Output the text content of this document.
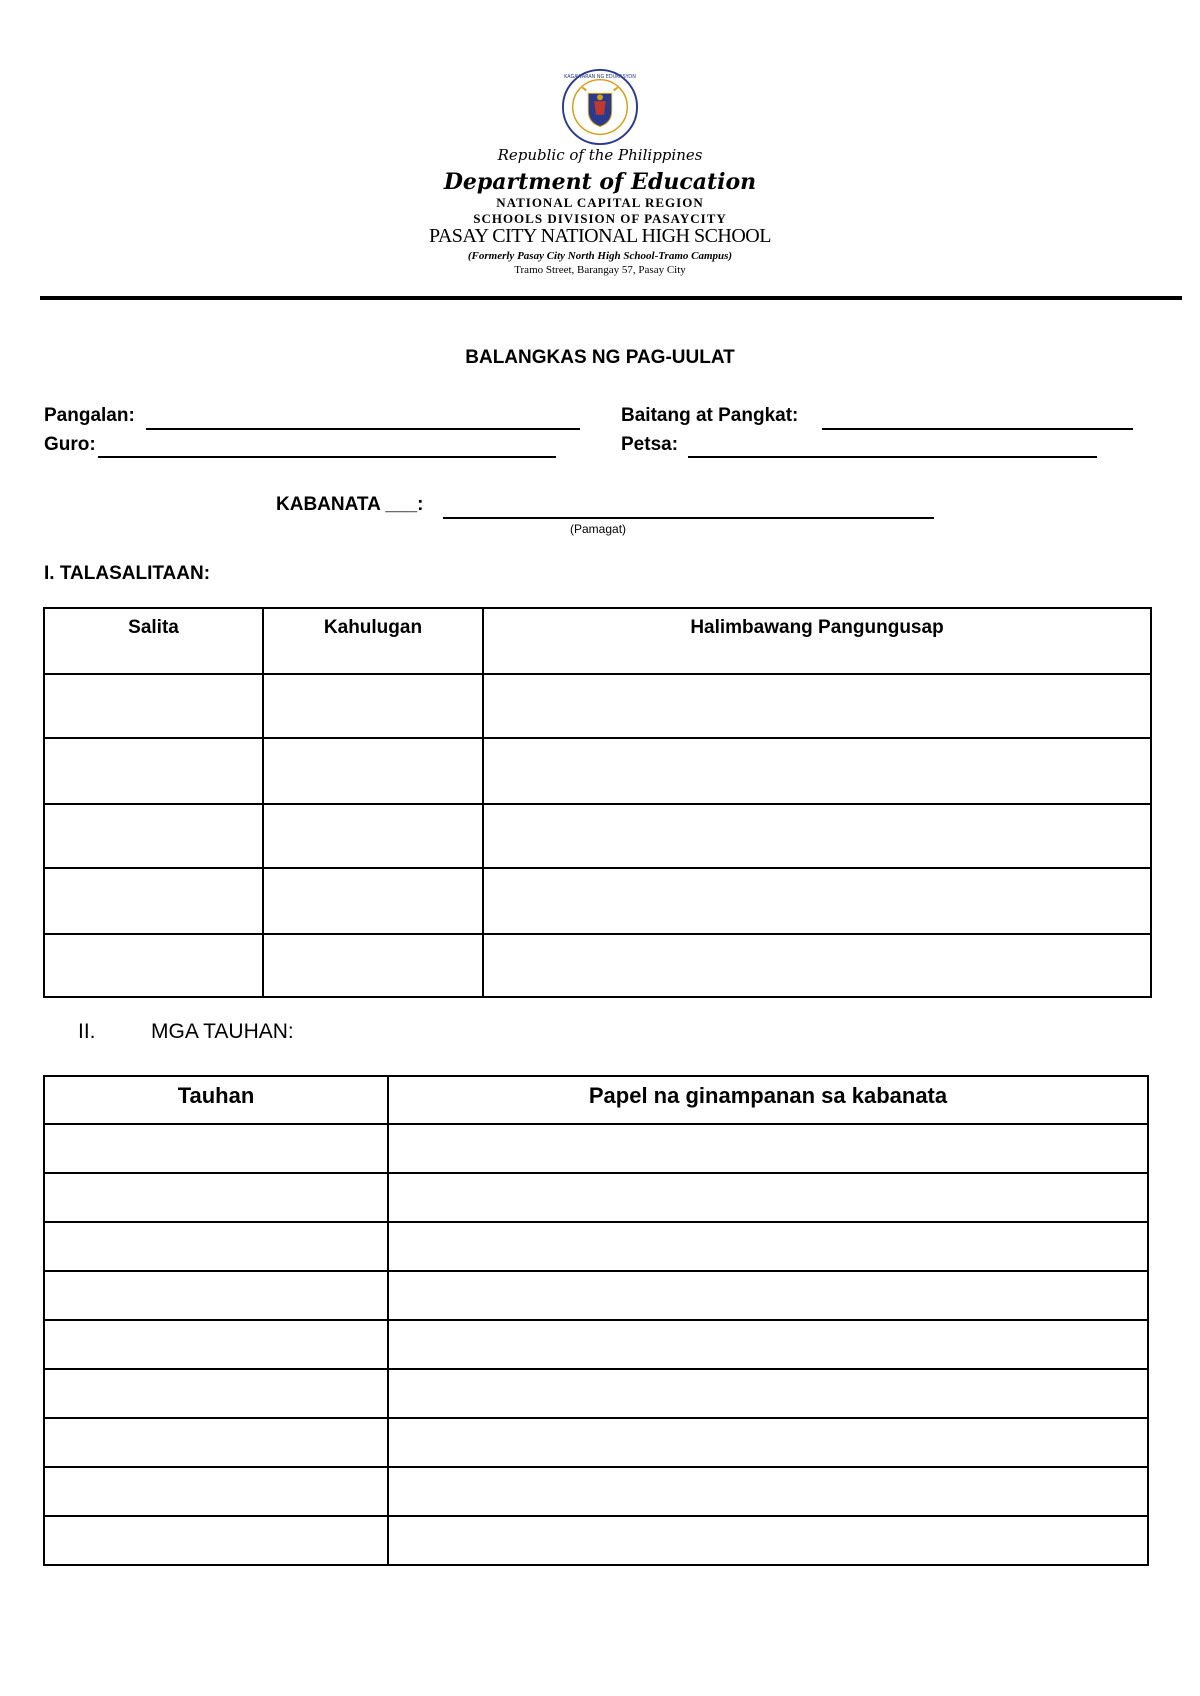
KAGAWARAN NG EDUKASYON
Republic of the Philippines
Department of Education
NATIONAL CAPITAL REGION
SCHOOLS DIVISION OF PASAYCITY
PASAY CITY NATIONAL HIGH SCHOOL
(Formerly Pasay City North High School-Tramo Campus)
Tramo Street, Barangay 57, Pasay City
BALANGKAS NG PAG-UULAT
Pangalan:	Baitang at Pangkat:
Guro:	Petsa:
KABANATA ___:
(Pamagat)
I. TALASALITAAN:
Salita	Kahulugan	Halimbawang Pangungusap

II.	MGA TAUHAN:
Tauhan	Papel na ginampanan sa kabanata
